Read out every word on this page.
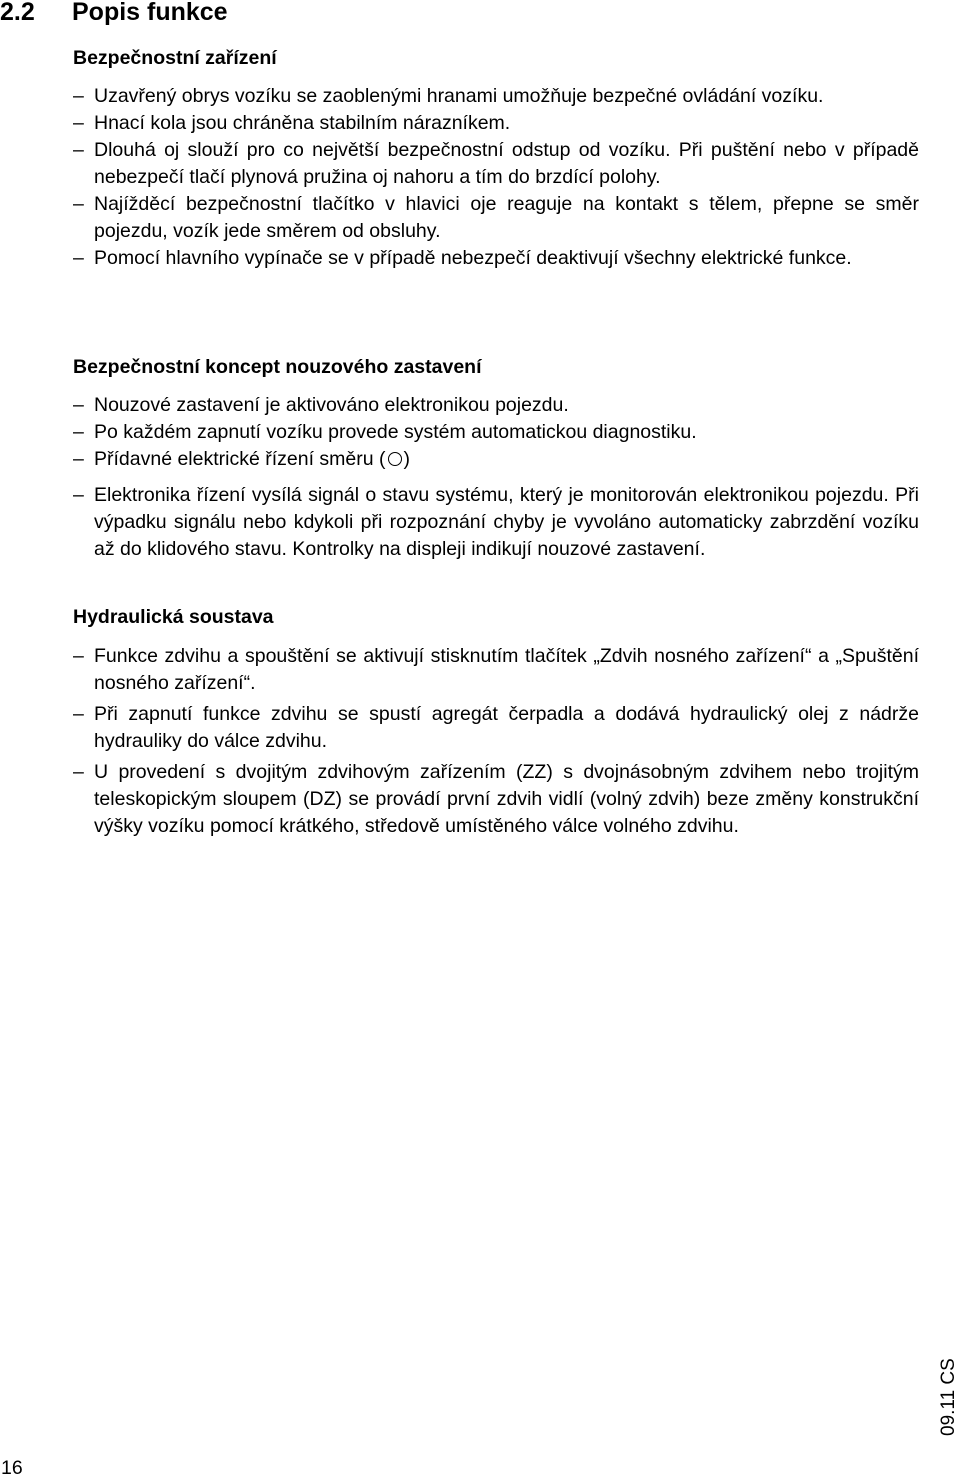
2.2 Popis funkce
Bezpečnostní zařízení
– Uzavřený obrys vozíku se zaoblenými hranami umožňuje bezpečné ovládání vozíku.
– Hnací kola jsou chráněna stabilním nárazníkem.
– Dlouhá oj slouží pro co největší bezpečnostní odstup od vozíku. Při puštění nebo v případě nebezpečí tlačí plynová pružina oj nahoru a tím do brzdící polohy.
– Najížděcí bezpečnostní tlačítko v hlavici oje reaguje na kontakt s tělem, přepne se směr pojezdu, vozík jede směrem od obsluhy.
– Pomocí hlavního vypínače se v případě nebezpečí deaktivují všechny elektrické funkce.
Bezpečnostní koncept nouzového zastavení
– Nouzové zastavení je aktivováno elektronikou pojezdu.
– Po každém zapnutí vozíku provede systém automatickou diagnostiku.
– Přídavné elektrické řízení směru ( )
– Elektronika řízení vysílá signál o stavu systému, který je monitorován elektronikou pojezdu. Při výpadku signálu nebo kdykoli při rozpoznání chyby je vyvoláno automaticky zabrzdění vozíku až do klidového stavu. Kontrolky na displeji indikují nouzové zastavení.
Hydraulická soustava
– Funkce zdvihu a spouštění se aktivují stisknutím tlačítek „Zdvih nosného zařízení“ a „Spuštění nosného zařízení“.
– Při zapnutí funkce zdvihu se spustí agregát čerpadla a dodává hydraulický olej z nádrže hydrauliky do válce zdvihu.
– U provedení s dvojitým zdvihovým zařízením (ZZ) s dvojnásobným zdvihem nebo trojitým teleskopickým sloupem (DZ) se provádí první zdvih vidlí (volný zdvih) beze změny konstrukční výšky vozíku pomocí krátkého, středově umístěného válce volného zdvihu.
09.11 CS
16
